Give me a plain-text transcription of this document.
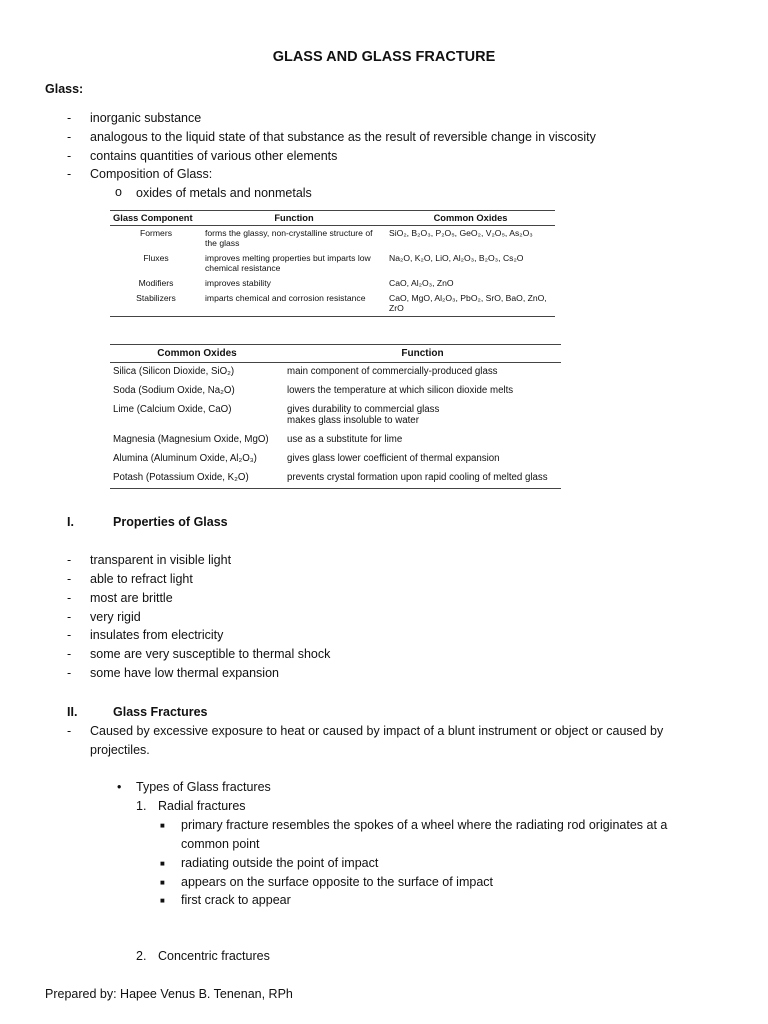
GLASS AND GLASS FRACTURE
Glass:
- inorganic substance
- analogous to the liquid state of that substance as the result of reversible change in viscosity
- contains quantities of various other elements
- Composition of Glass:
o oxides of metals and nonmetals
Glass Component	Function	Common Oxides
Formers	forms the glassy, non-crystalline structure of the glass	SiO₂, B₂O₃, P₂O₅, GeO₂, V₂O₅, As₂O₃
Fluxes	improves melting properties but imparts low chemical resistance	Na₂O, K₂O, LiO, Al₂O₃, B₂O₃, Cs₂O
Modifiers	improves stability	CaO, Al₂O₃, ZnO
Stabilizers	imparts chemical and corrosion resistance	CaO, MgO, Al₂O₃, PbO₂, SrO, BaO, ZnO, ZrO
Common Oxides	Function
Silica (Silicon Dioxide, SiO₂)	main component of commercially-produced glass
Soda (Sodium Oxide, Na₂O)	lowers the temperature at which silicon dioxide melts
Lime (Calcium Oxide, CaO)	gives durability to commercial glass
makes glass insoluble to water
Magnesia (Magnesium Oxide, MgO)	use as a substitute for lime
Alumina (Aluminum Oxide, Al₂O₃)	gives glass lower coefficient of thermal expansion
Potash (Potassium Oxide, K₂O)	prevents crystal formation upon rapid cooling of melted glass
I.	Properties of Glass
- transparent in visible light
- able to refract light
- most are brittle
- very rigid
- insulates from electricity
- some are very susceptible to thermal shock
- some have low thermal expansion
II.	Glass Fractures
- Caused by excessive exposure to heat or caused by impact of a blunt instrument or object or caused by
projectiles.
• Types of Glass fractures
1. Radial fractures
■ primary fracture resembles the spokes of a wheel where the radiating rod originates at a
common point
■ radiating outside the point of impact
■ appears on the surface opposite to the surface of impact
■ first crack to appear
2. Concentric fractures
Prepared by: Hapee Venus B. Tenenan, RPh
